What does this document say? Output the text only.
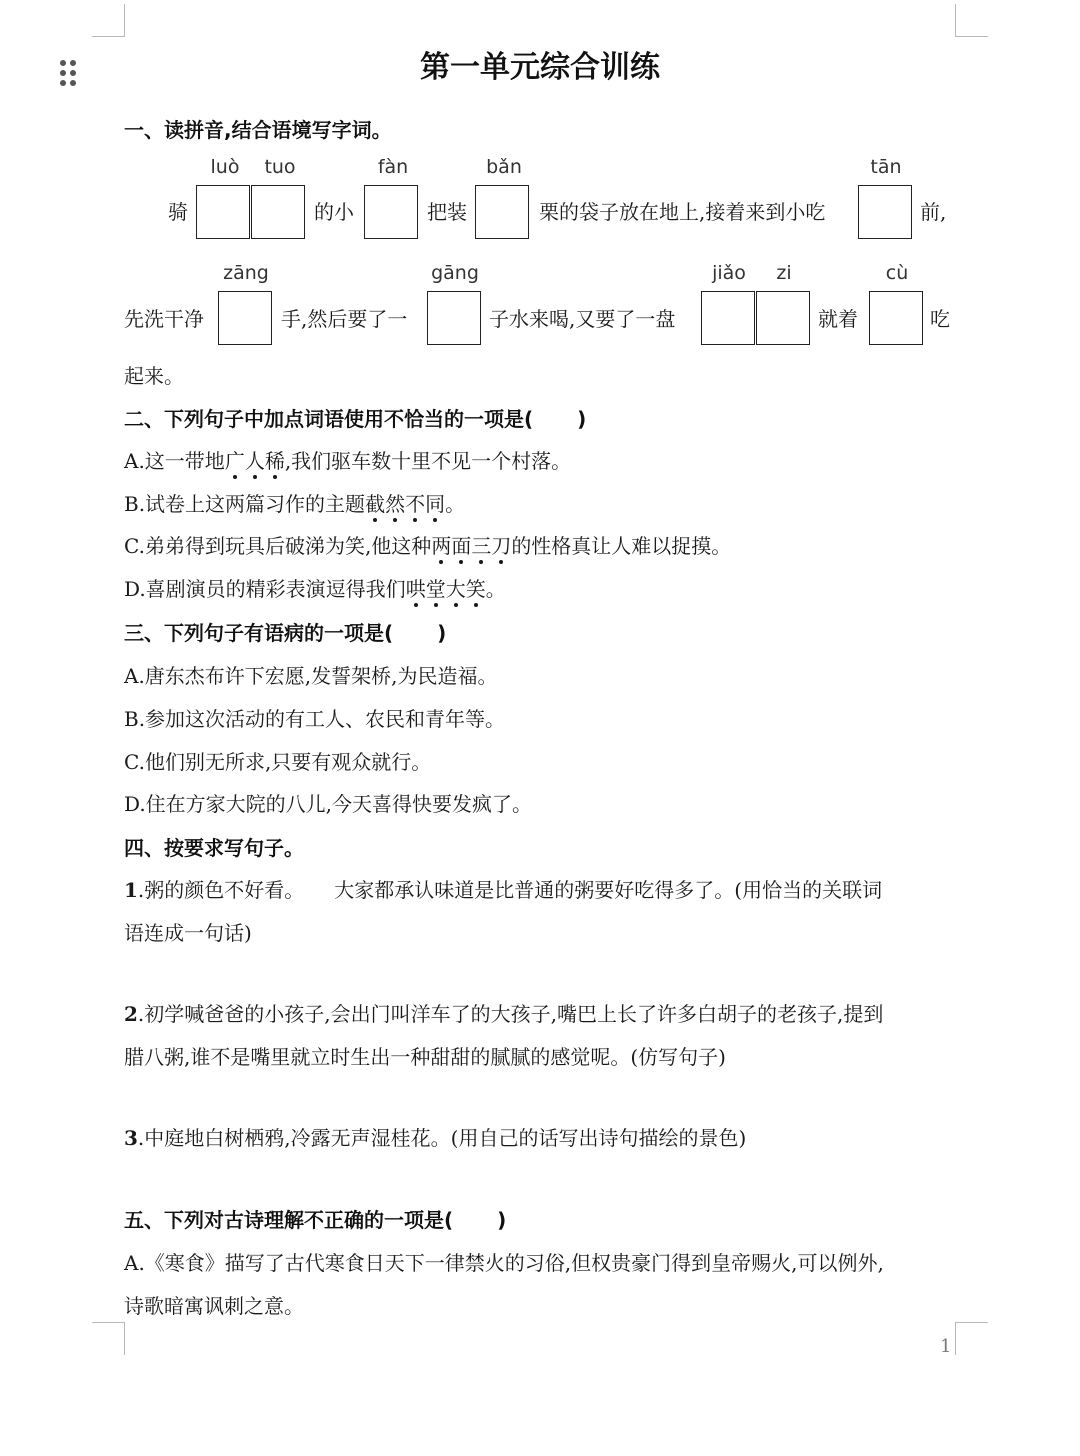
第一单元综合训练
一、读拼音,结合语境写字词。
luò	tuo	fàn	bǎn	tān
骑	的小	把装	栗的袋子放在地上,接着来到小吃	前,
zāng	gāng	jiǎo	zi	cù
先洗干净	手,然后要了一	子水来喝,又要了一盘	就着	吃
起来。
二、下列句子中加点词语使用不恰当的一项是( )
A.这一带地广人稀,我们驱车数十里不见一个村落。
B.试卷上这两篇习作的主题截然不同。
C.弟弟得到玩具后破涕为笑,他这种两面三刀的性格真让人难以捉摸。
D.喜剧演员的精彩表演逗得我们哄堂大笑。
三、下列句子有语病的一项是( )
A.唐东杰布许下宏愿,发誓架桥,为民造福。
B.参加这次活动的有工人、农民和青年等。
C.他们别无所求,只要有观众就行。
D.住在方家大院的八儿,今天喜得快要发疯了。
四、按要求写句子。
1.粥的颜色不好看。 大家都承认味道是比普通的粥要好吃得多了。(用恰当的关联词
语连成一句话)
2.初学喊爸爸的小孩子,会出门叫洋车了的大孩子,嘴巴上长了许多白胡子的老孩子,提到
腊八粥,谁不是嘴里就立时生出一种甜甜的腻腻的感觉呢。(仿写句子)
3.中庭地白树栖鸦,冷露无声湿桂花。(用自己的话写出诗句描绘的景色)
五、下列对古诗理解不正确的一项是( )
A.《寒食》描写了古代寒食日天下一律禁火的习俗,但权贵豪门得到皇帝赐火,可以例外,
诗歌暗寓讽刺之意。
1
